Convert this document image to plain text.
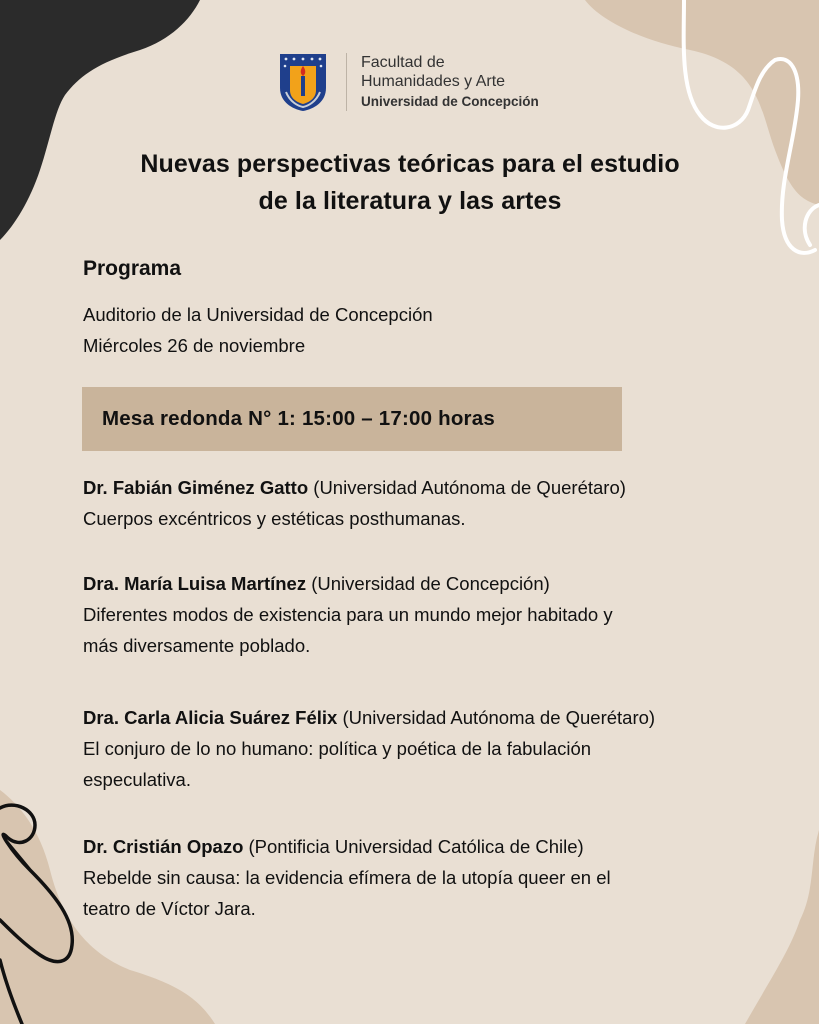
Facultad de
Humanidades y Arte
Universidad de Concepción
Nuevas perspectivas teóricas para el estudio
de la literatura y las artes
Programa
Auditorio de la Universidad de Concepción
Miércoles 26 de noviembre
Mesa redonda N° 1: 15:00 – 17:00 horas
Dr. Fabián Giménez Gatto (Universidad Autónoma de Querétaro)
Cuerpos excéntricos y estéticas posthumanas.
Dra. María Luisa Martínez (Universidad de Concepción)
Diferentes modos de existencia para un mundo mejor habitado y
más diversamente poblado.
Dra. Carla Alicia Suárez Félix (Universidad Autónoma de Querétaro)
El conjuro de lo no humano: política y poética de la fabulación
especulativa.
Dr. Cristián Opazo (Pontificia Universidad Católica de Chile)
Rebelde sin causa: la evidencia efímera de la utopía queer en el
teatro de Víctor Jara.
